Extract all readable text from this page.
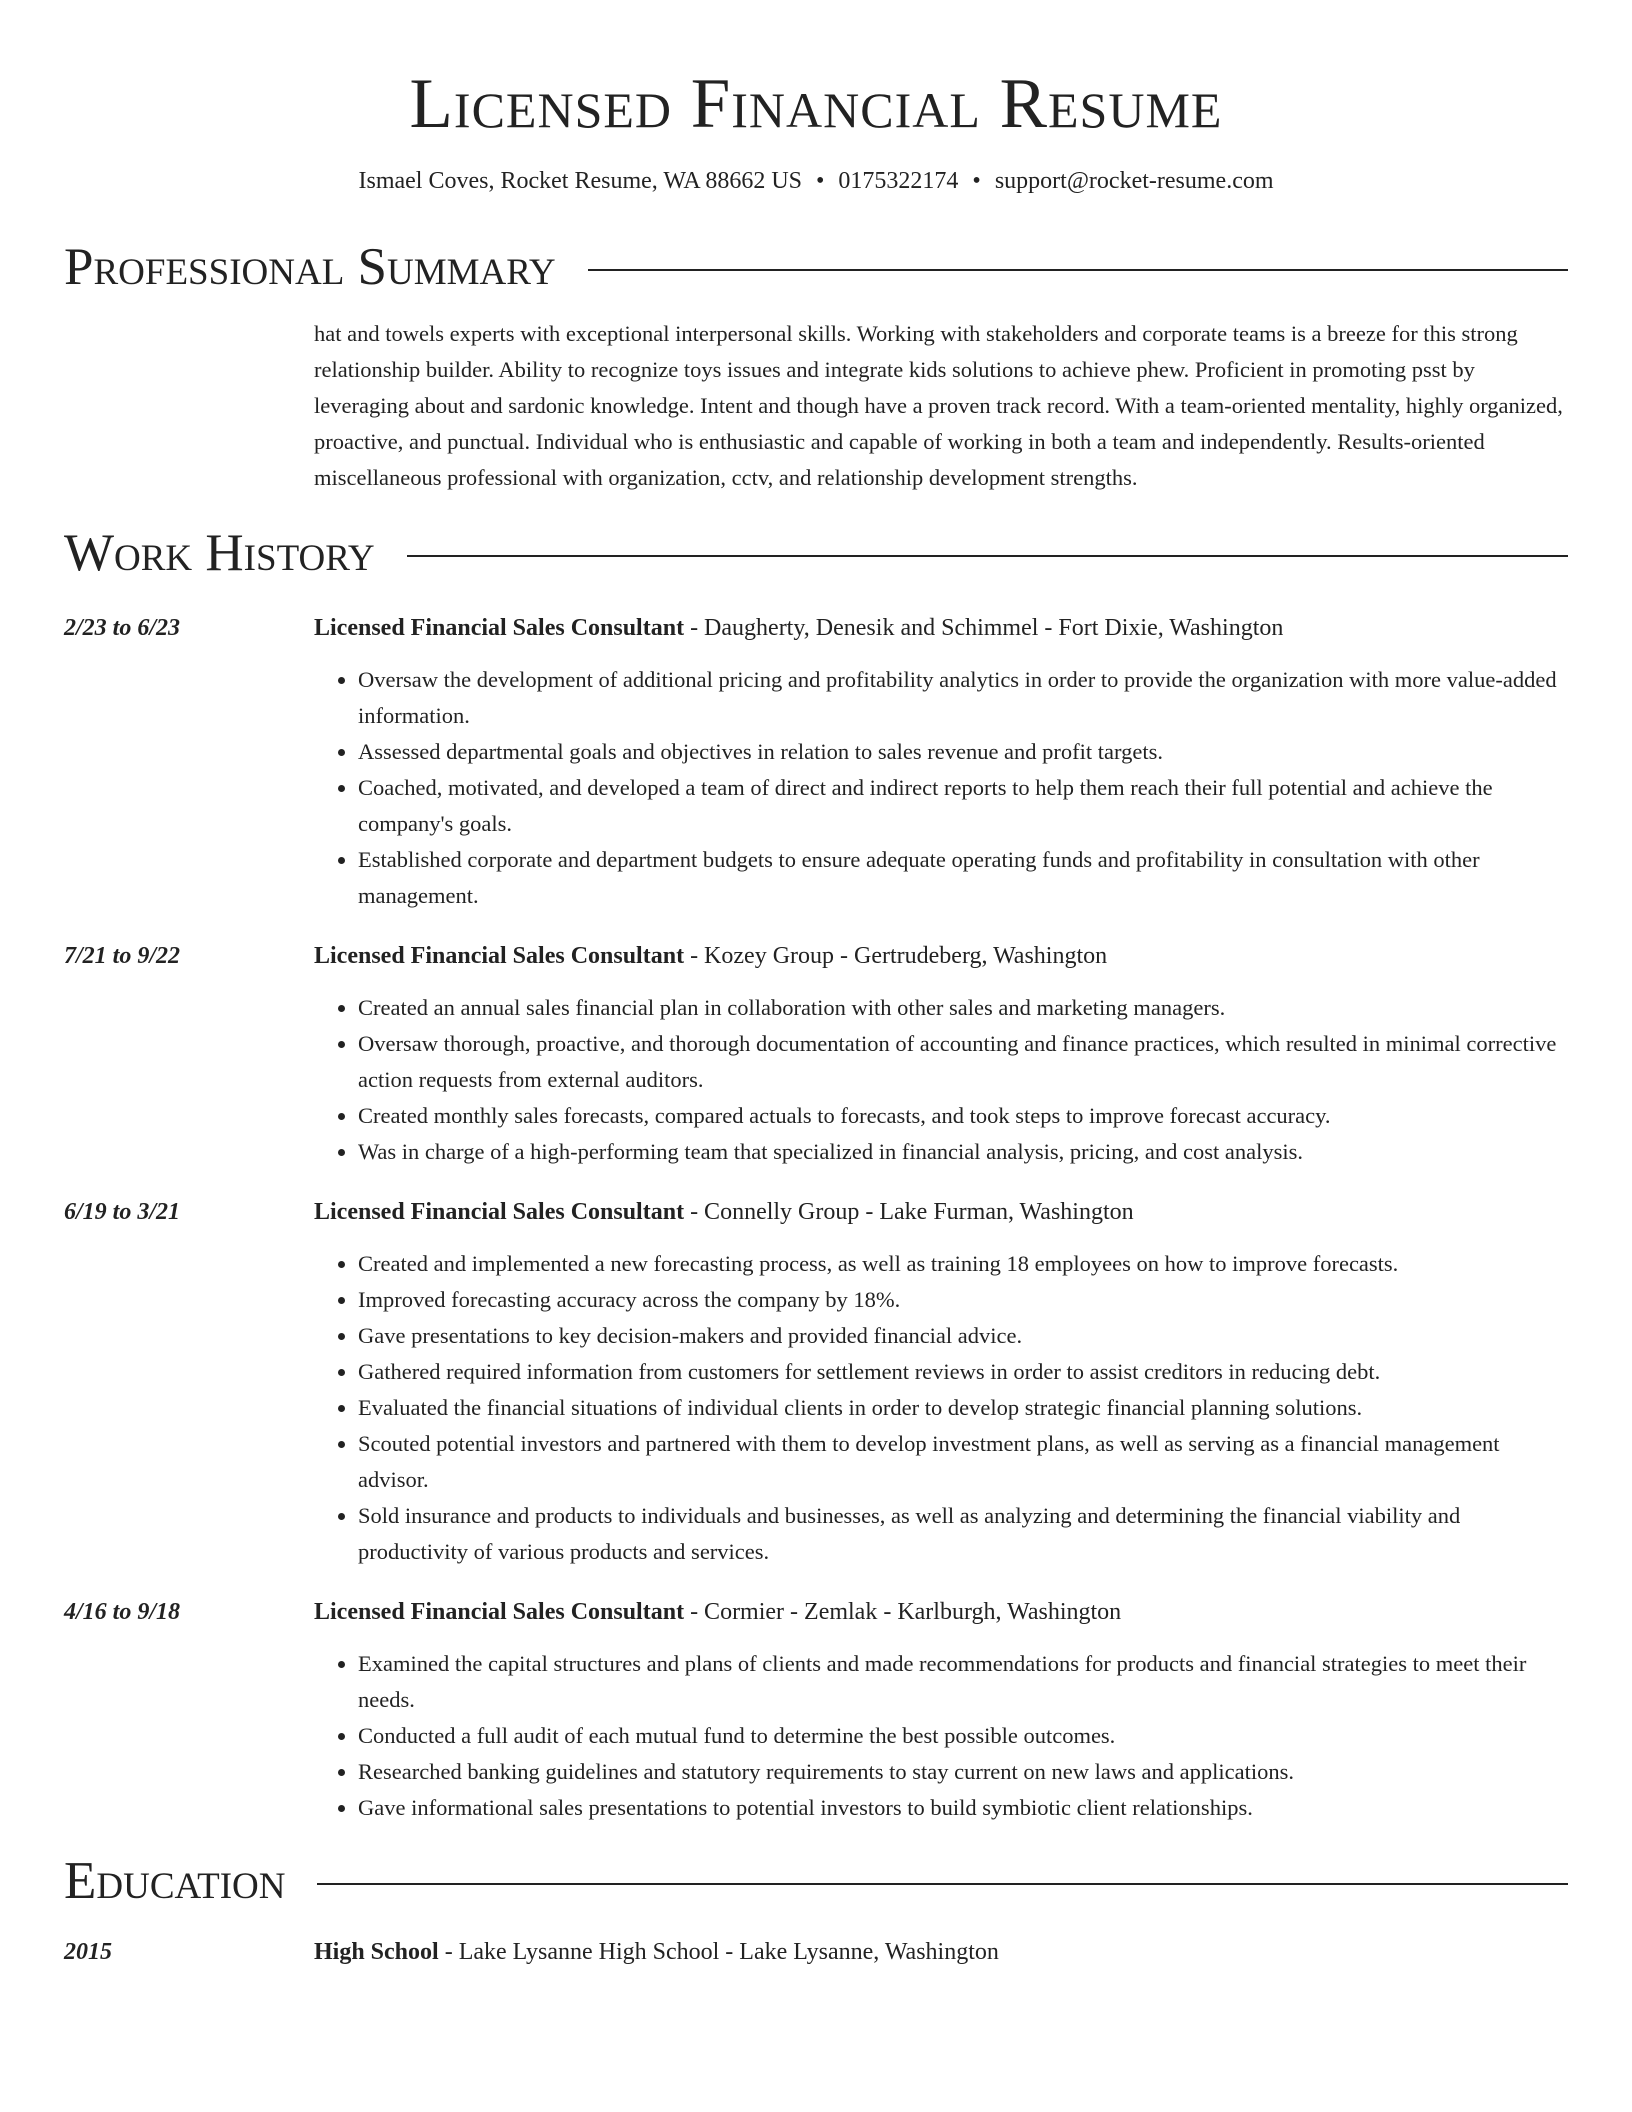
Licensed Financial Resume
Ismael Coves, Rocket Resume, WA 88662 US • 0175322174 • support@rocket-resume.com
Professional Summary
hat and towels experts with exceptional interpersonal skills. Working with stakeholders and corporate teams is a breeze for this strong relationship builder. Ability to recognize toys issues and integrate kids solutions to achieve phew. Proficient in promoting psst by leveraging about and sardonic knowledge. Intent and though have a proven track record. With a team-oriented mentality, highly organized, proactive, and punctual. Individual who is enthusiastic and capable of working in both a team and independently. Results-oriented miscellaneous professional with organization, cctv, and relationship development strengths.
Work History
2/23 to 6/23	Licensed Financial Sales Consultant - Daugherty, Denesik and Schimmel - Fort Dixie, Washington
• Oversaw the development of additional pricing and profitability analytics in order to provide the organization with more value-added information.
• Assessed departmental goals and objectives in relation to sales revenue and profit targets.
• Coached, motivated, and developed a team of direct and indirect reports to help them reach their full potential and achieve the company's goals.
• Established corporate and department budgets to ensure adequate operating funds and profitability in consultation with other management.
7/21 to 9/22	Licensed Financial Sales Consultant - Kozey Group - Gertrudeberg, Washington
• Created an annual sales financial plan in collaboration with other sales and marketing managers.
• Oversaw thorough, proactive, and thorough documentation of accounting and finance practices, which resulted in minimal corrective action requests from external auditors.
• Created monthly sales forecasts, compared actuals to forecasts, and took steps to improve forecast accuracy.
• Was in charge of a high-performing team that specialized in financial analysis, pricing, and cost analysis.
6/19 to 3/21	Licensed Financial Sales Consultant - Connelly Group - Lake Furman, Washington
• Created and implemented a new forecasting process, as well as training 18 employees on how to improve forecasts.
• Improved forecasting accuracy across the company by 18%.
• Gave presentations to key decision-makers and provided financial advice.
• Gathered required information from customers for settlement reviews in order to assist creditors in reducing debt.
• Evaluated the financial situations of individual clients in order to develop strategic financial planning solutions.
• Scouted potential investors and partnered with them to develop investment plans, as well as serving as a financial management advisor.
• Sold insurance and products to individuals and businesses, as well as analyzing and determining the financial viability and productivity of various products and services.
4/16 to 9/18	Licensed Financial Sales Consultant - Cormier - Zemlak - Karlburgh, Washington
• Examined the capital structures and plans of clients and made recommendations for products and financial strategies to meet their needs.
• Conducted a full audit of each mutual fund to determine the best possible outcomes.
• Researched banking guidelines and statutory requirements to stay current on new laws and applications.
• Gave informational sales presentations to potential investors to build symbiotic client relationships.
Education
2015	High School - Lake Lysanne High School - Lake Lysanne, Washington
